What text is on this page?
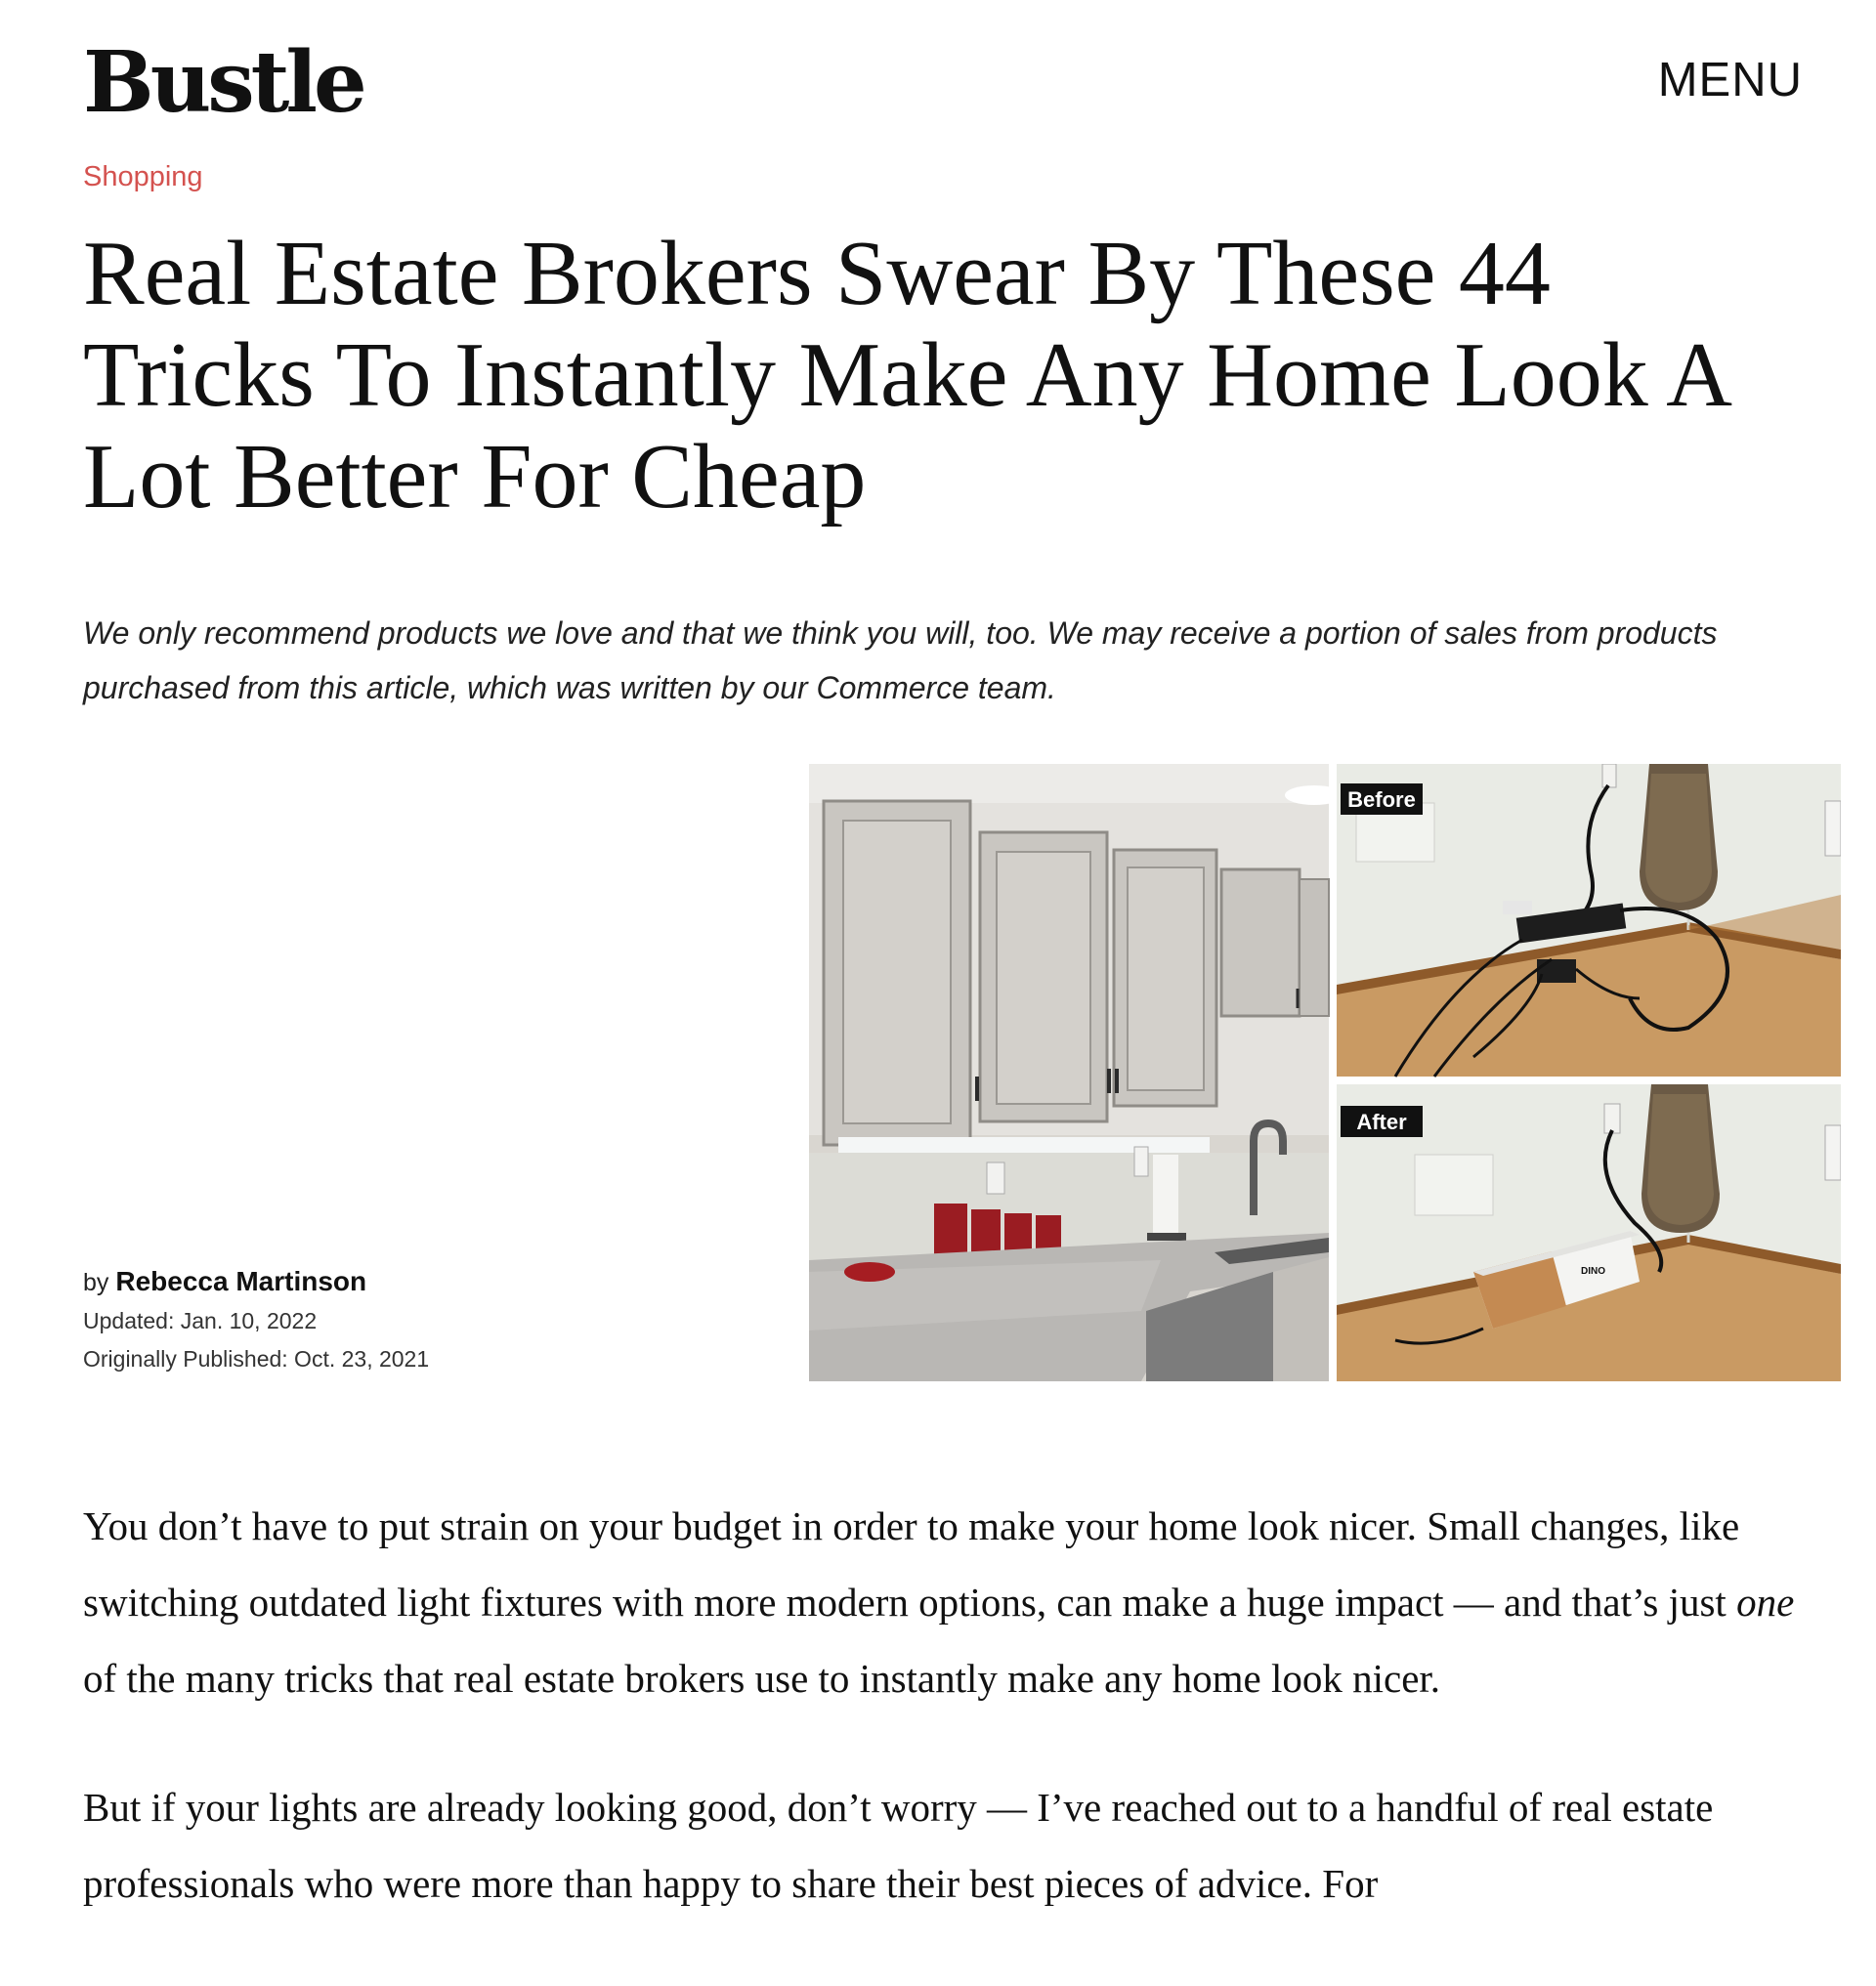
Bustle	MENU
Shopping
Real Estate Brokers Swear By These 44 Tricks To Instantly Make Any Home Look A Lot Better For Cheap
We only recommend products we love and that we think you will, too. We may receive a portion of sales from products purchased from this article, which was written by our Commerce team.
by Rebecca Martinson
Updated: Jan. 10, 2022
Originally Published: Oct. 23, 2021
Before
DINO
After

You don’t have to put strain on your budget in order to make your home look nicer. Small changes, like switching outdated light fixtures with more modern options, can make a huge impact — and that’s just one of the many tricks that real estate brokers use to instantly make any home look nicer.

But if your lights are already looking good, don’t worry — I’ve reached out to a handful of real estate professionals who were more than happy to share their best pieces of advice. For
